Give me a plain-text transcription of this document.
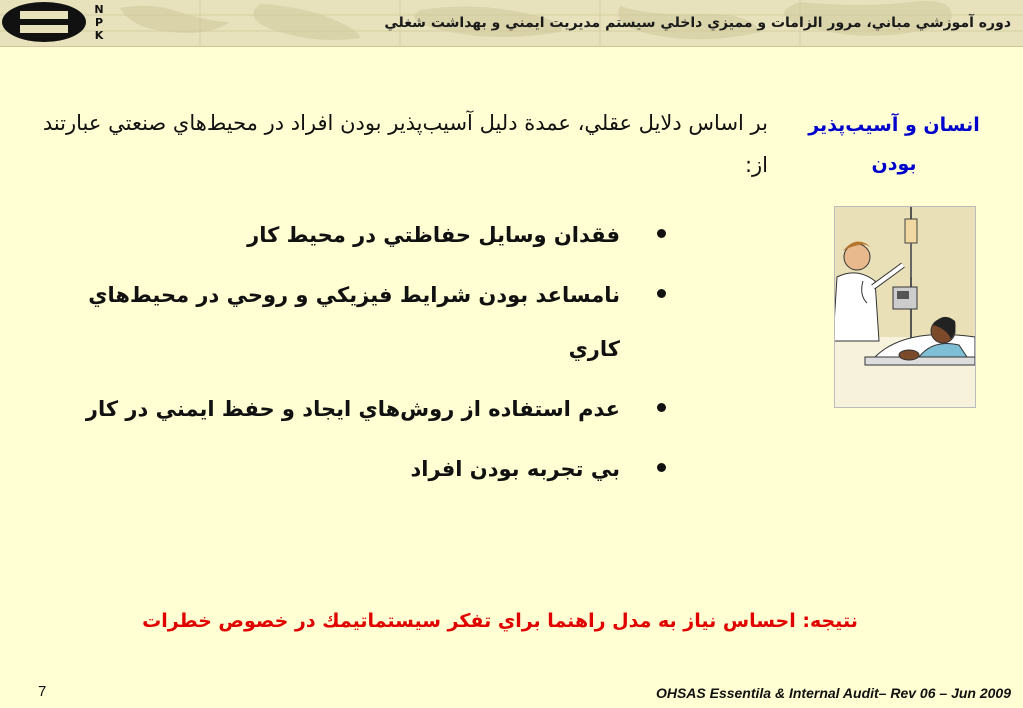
N
P
K
دوره آموزشي مباني، مرور الزامات و مميزي داخلي سيستم مديريت ايمني و بهداشت شغلي
انسان و آسيب‌پذير بودن
بر اساس دلايل عقلي، عمدة دليل آسيب‌پذير بودن افراد در محيط‌هاي صنعتي عبارتند از:
فقدان وسايل حفاظتي در محيط كار
نامساعد بودن شرايط فيزيكي و روحي در محيط‌هاي كاري
عدم استفاده از روش‌هاي ايجاد و حفظ ايمني در كار
بي تجربه بودن افراد
نتيجه: احساس نياز به مدل راهنما براي تفكر سيستماتيمك در خصوص خطرات
7	OHSAS Essentila & Internal Audit– Rev 06 – Jun 2009
